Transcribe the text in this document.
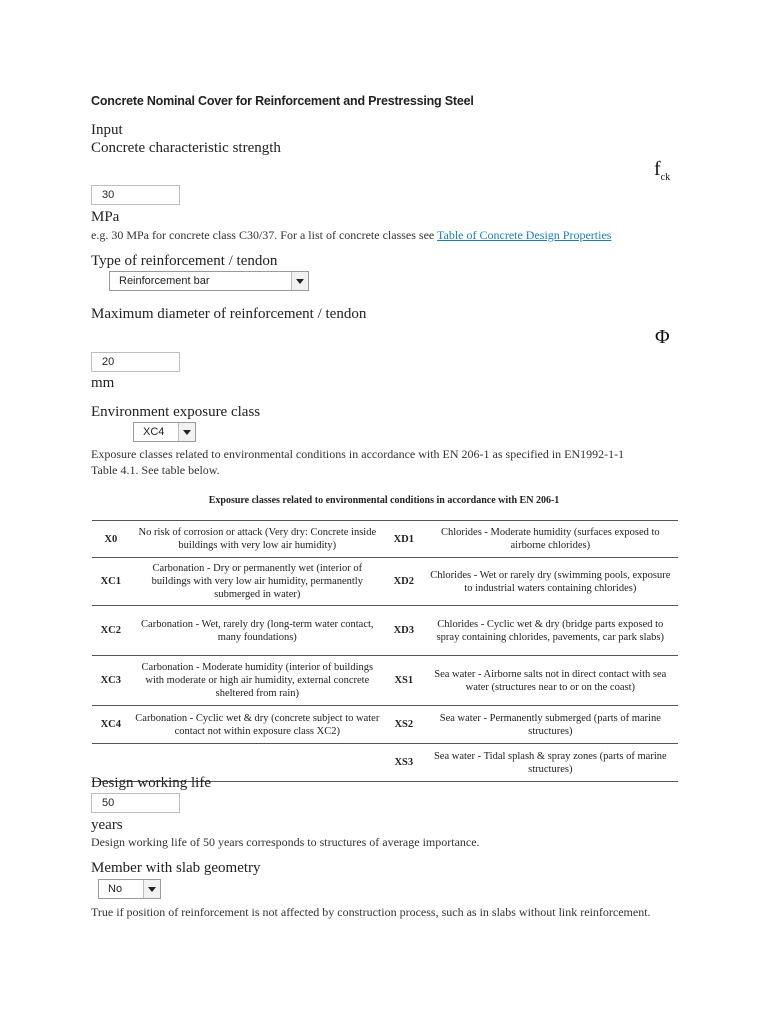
Concrete Nominal Cover for Reinforcement and Prestressing Steel
Input
Concrete characteristic strength
$f_{ck}$
30
MPa
e.g. 30 MPa for concrete class C30/37. For a list of concrete classes see Table of Concrete Design Properties
Type of reinforcement / tendon
Reinforcement bar
Maximum diameter of reinforcement / tendon
Φ
20
mm
Environment exposure class
XC4
Exposure classes related to environmental conditions in accordance with EN 206-1 as specified in EN1992-1-1
Table 4.1. See table below.
Exposure classes related to environmental conditions in accordance with EN 206-1
X0	No risk of corrosion or attack (Very dry: Concrete inside buildings with very low air humidity)	XD1	Chlorides - Moderate humidity (surfaces exposed to airborne chlorides)
XC1	Carbonation - Dry or permanently wet (interior of buildings with very low air humidity, permanently submerged in water)	XD2	Chlorides - Wet or rarely dry (swimming pools, exposure to industrial waters containing chlorides)
XC2	Carbonation - Wet, rarely dry (long-term water contact, many foundations)	XD3	Chlorides - Cyclic wet & dry (bridge parts exposed to spray containing chlorides, pavements, car park slabs)
XC3	Carbonation - Moderate humidity (interior of buildings with moderate or high air humidity, external concrete sheltered from rain)	XS1	Sea water - Airborne salts not in direct contact with sea water (structures near to or on the coast)
XC4	Carbonation - Cyclic wet & dry (concrete subject to water contact not within exposure class XC2)	XS2	Sea water - Permanently submerged (parts of marine structures)
		XS3	Sea water - Tidal splash & spray zones (parts of marine structures)
Design working life
50
years
Design working life of 50 years corresponds to structures of average importance.
Member with slab geometry
No
True if position of reinforcement is not affected by construction process, such as in slabs without link reinforcement.
